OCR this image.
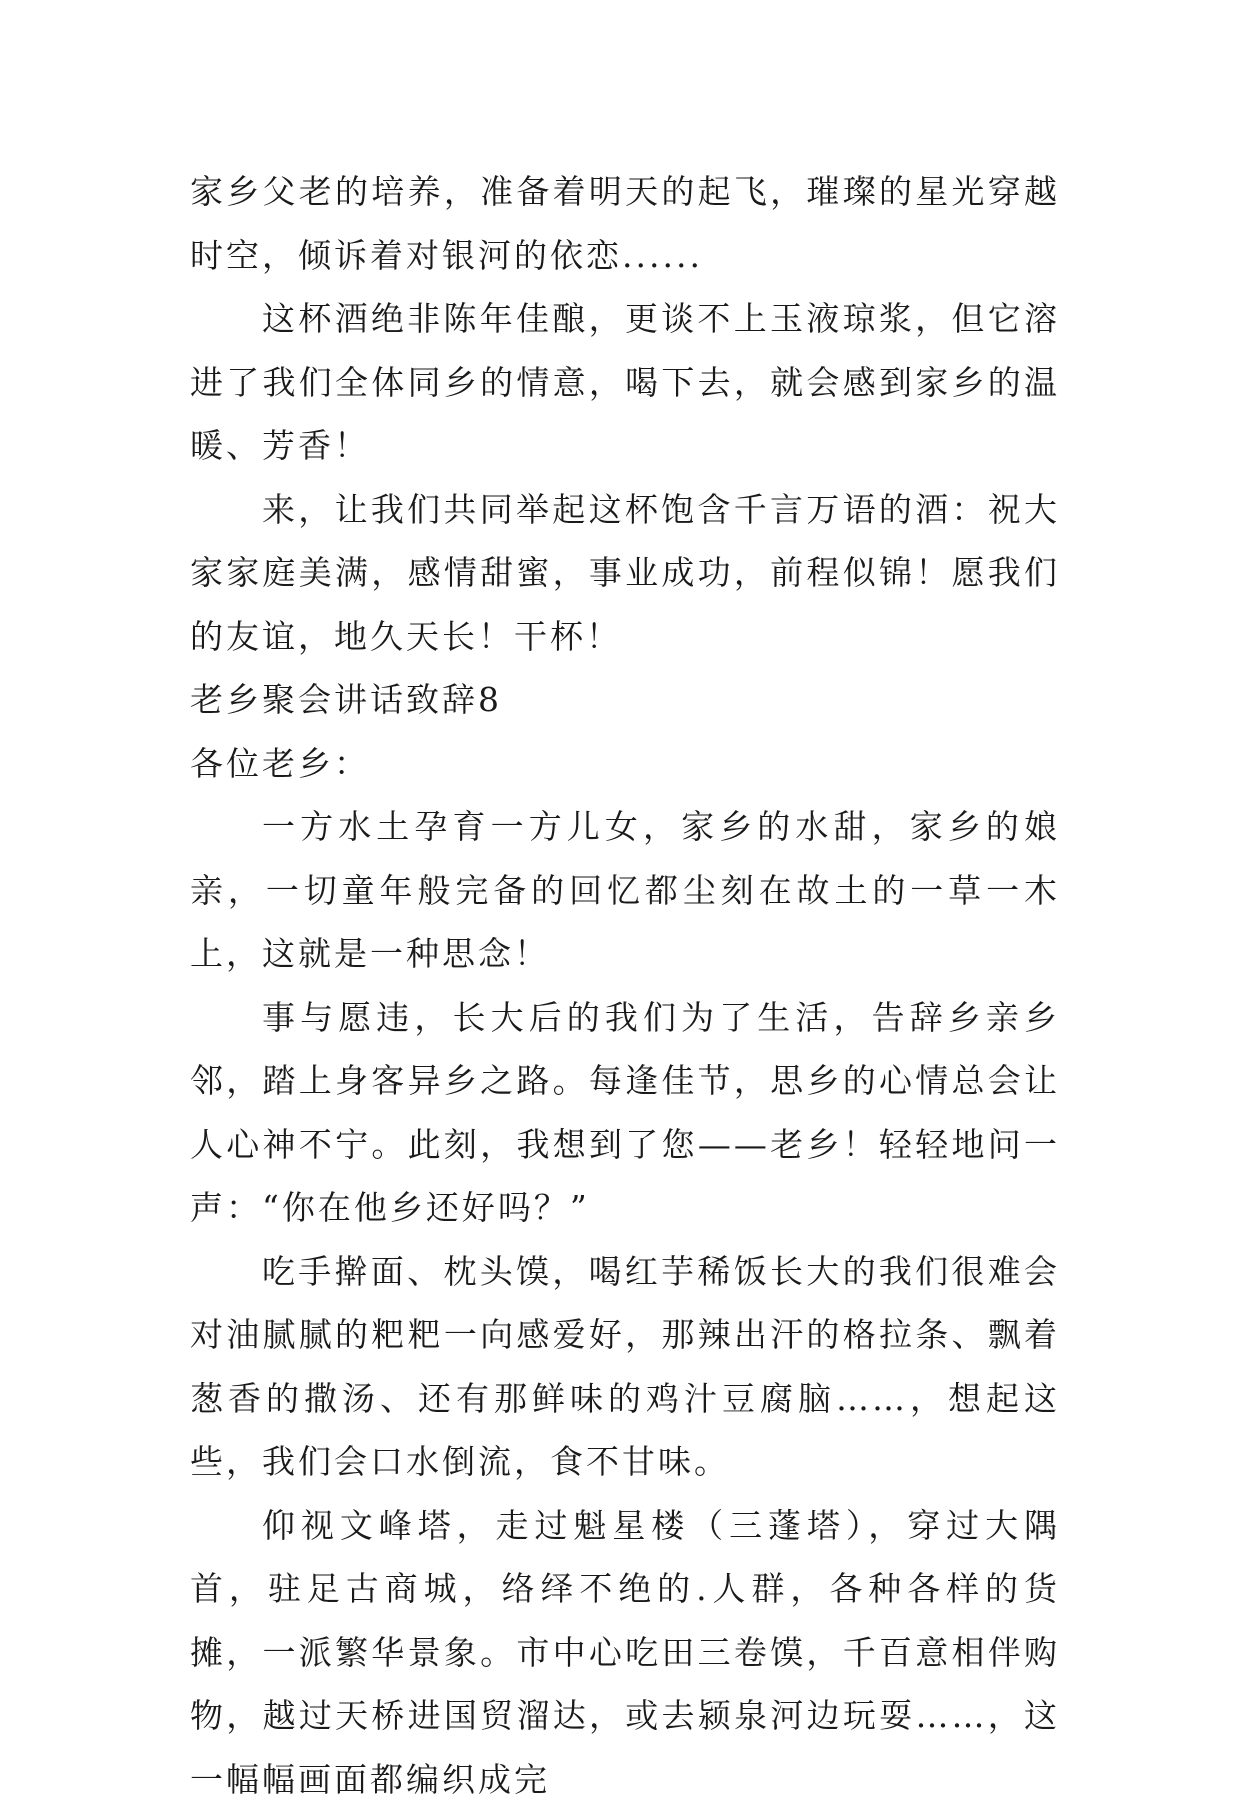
家乡父老的培养，准备着明天的起飞，璀璨的星光穿越时空，倾诉着对银河的依恋......

这杯酒绝非陈年佳酿，更谈不上玉液琼浆，但它溶进了我们全体同乡的情意，喝下去，就会感到家乡的温暖、芳香！

来，让我们共同举起这杯饱含千言万语的酒：祝大家家庭美满，感情甜蜜，事业成功，前程似锦！愿我们的友谊，地久天长！干杯！

老乡聚会讲话致辞8

各位老乡：

一方水土孕育一方儿女，家乡的水甜，家乡的娘亲，一切童年般完备的回忆都尘刻在故土的一草一木上，这就是一种思念！

事与愿违，长大后的我们为了生活，告辞乡亲乡邻，踏上身客异乡之路。每逢佳节，思乡的心情总会让人心神不宁。此刻，我想到了您——老乡！轻轻地问一声：“你在他乡还好吗？”

吃手擀面、枕头馍，喝红芋稀饭长大的我们很难会对油腻腻的粑粑一向感爱好，那辣出汗的格拉条、飘着葱香的撒汤、还有那鲜味的鸡汁豆腐脑……，想起这些，我们会口水倒流，食不甘味。

仰视文峰塔，走过魁星楼（三蓬塔），穿过大隅首，驻足古商城，络绎不绝的.人群，各种各样的货摊，一派繁华景象。市中心吃田三卷馍，千百意相伴购物，越过天桥进国贸溜达，或去颍泉河边玩耍……，这一幅幅画面都编织成完
